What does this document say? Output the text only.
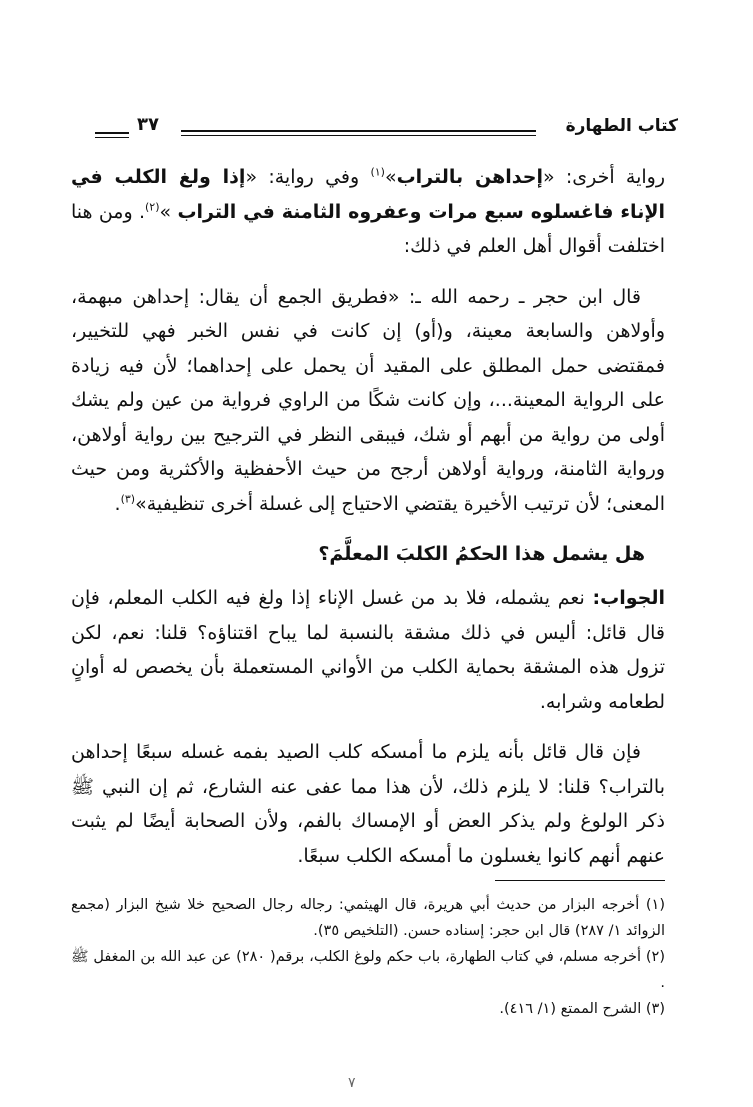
كتاب الطهارة
٣٧

رواية أخرى: «إحداهن بالتراب»$^{(١)}$ وفي رواية: «إذا ولغ الكلب في الإناء فاغسلوه سبع مرات وعفروه الثامنة في التراب »$^{(٢)}$. ومن هنا اختلفت أقوال أهل العلم في ذلك:

قال ابن حجر ـ رحمه الله ـ: «فطريق الجمع أن يقال: إحداهن مبهمة، وأولاهن والسابعة معينة، و(أو) إن كانت في نفس الخبر فهي للتخيير، فمقتضى حمل المطلق على المقيد أن يحمل على إحداهما؛ لأن فيه زيادة على الرواية المعينة...، وإن كانت شكًا من الراوي فرواية من عين ولم يشك أولى من رواية من أبهم أو شك، فيبقى النظر في الترجيح بين رواية أولاهن، ورواية الثامنة، ورواية أولاهن أرجح من حيث الأحفظية والأكثرية ومن حيث المعنى؛ لأن ترتيب الأخيرة يقتضي الاحتياج إلى غسلة أخرى تنظيفية»$^{(٣)}$.

هل يشمل هذا الحكمُ الكلبَ المعلَّمَ؟

الجواب: نعم يشمله، فلا بد من غسل الإناء إذا ولغ فيه الكلب المعلم، فإن قال قائل: أليس في ذلك مشقة بالنسبة لما يباح اقتناؤه؟ قلنا: نعم، لكن تزول هذه المشقة بحماية الكلب من الأواني المستعملة بأن يخصص له أوانٍ لطعامه وشرابه.

فإن قال قائل بأنه يلزم ما أمسكه كلب الصيد بفمه غسله سبعًا إحداهن بالتراب؟ قلنا: لا يلزم ذلك، لأن هذا مما عفى عنه الشارع، ثم إن النبي ﷺ ذكر الولوغ ولم يذكر العض أو الإمساك بالفم، ولأن الصحابة أيضًا لم يثبت عنهم أنهم كانوا يغسلون ما أمسكه الكلب سبعًا.

(١) أخرجه البزار من حديث أبي هريرة، قال الهيثمي: رجاله رجال الصحيح خلا شيخ البزار (مجمع الزوائد ١/ ٢٨٧) قال ابن حجر: إسناده حسن. (التلخيص ٣٥).

(٢) أخرجه مسلم، في كتاب الطهارة، باب حكم ولوغ الكلب، برقم( ٢٨٠) عن عبد الله بن المغفل ﷺ .

(٣) الشرح الممتع (١/ ٤١٦).

٧
